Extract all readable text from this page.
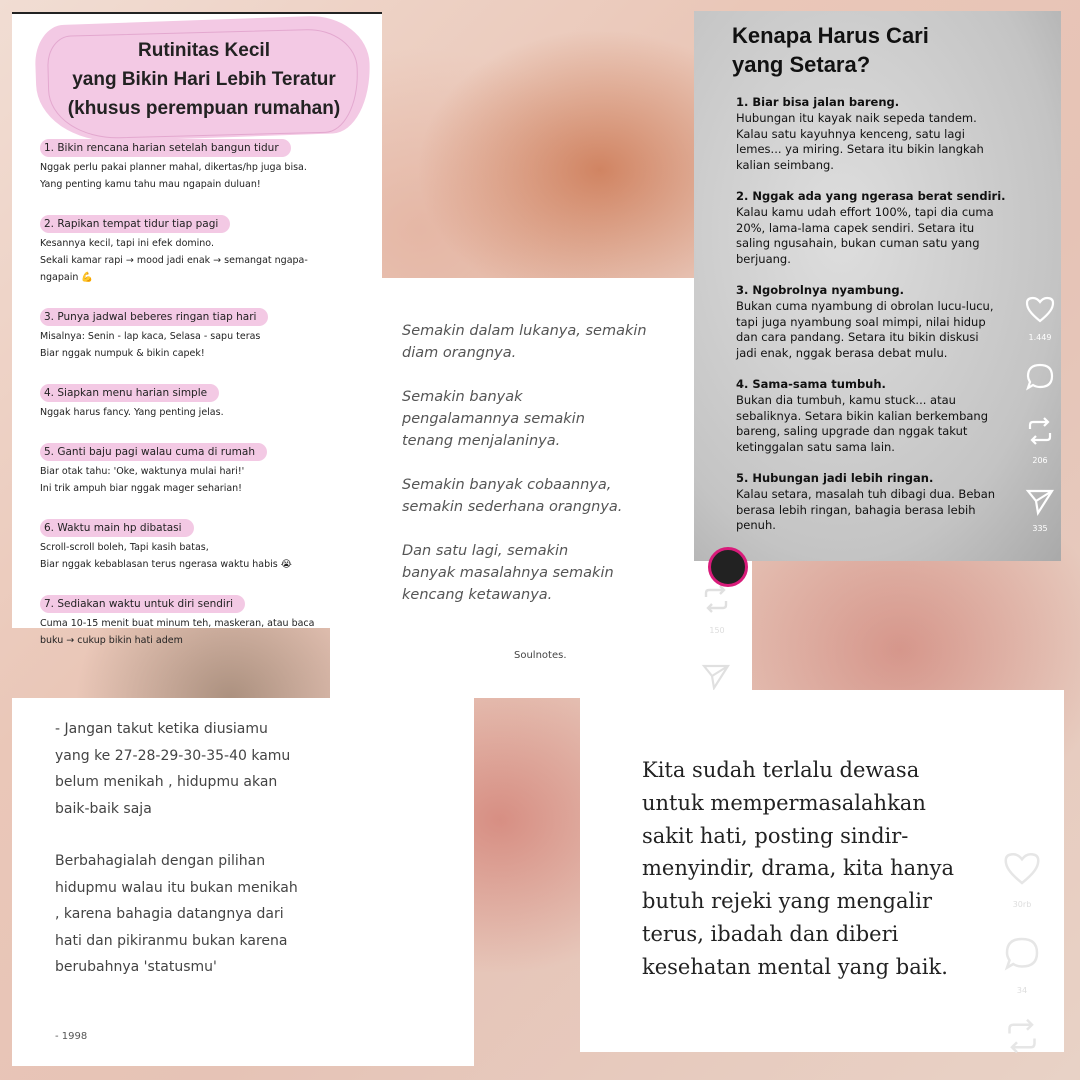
Rutinitas Kecil
yang Bikin Hari Lebih Teratur
(khusus perempuan rumahan)
1. Bikin rencana harian setelah bangun tidur

Nggak perlu pakai planner mahal, dikertas/hp juga bisa.

Yang penting kamu tahu mau ngapain duluan!

2. Rapikan tempat tidur tiap pagi

Kesannya kecil, tapi ini efek domino.

Sekali kamar rapi → mood jadi enak → semangat ngapa-

ngapain 💪

3. Punya jadwal beberes ringan tiap hari

Misalnya: Senin - lap kaca, Selasa - sapu teras

Biar nggak numpuk & bikin capek!

4. Siapkan menu harian simple

Nggak harus fancy. Yang penting jelas.

5. Ganti baju pagi walau cuma di rumah

Biar otak tahu: 'Oke, waktunya mulai hari!'

Ini trik ampuh biar nggak mager seharian!

6. Waktu main hp dibatasi

Scroll-scroll boleh, Tapi kasih batas,

Biar nggak kebablasan terus ngerasa waktu habis 😭

7. Sediakan waktu untuk diri sendiri

Cuma 10-15 menit buat minum teh, maskeran, atau baca

buku → cukup bikin hati adem

Semakin dalam lukanya, semakin
diam orangnya.

Semakin banyak
pengalamannya semakin
tenang menjalaninya.

Semakin banyak cobaannya,
semakin sederhana orangnya.

Dan satu lagi, semakin
banyak masalahnya semakin
kencang ketawanya.

Soulnotes.
150
Kenapa Harus Cari
yang Setara?
1. Biar bisa jalan bareng.
Hubungan itu kayak naik sepeda tandem.
Kalau satu kayuhnya kenceng, satu lagi
lemes... ya miring. Setara itu bikin langkah
kalian seimbang.
2. Nggak ada yang ngerasa berat sendiri.
Kalau kamu udah effort 100%, tapi dia cuma
20%, lama-lama capek sendiri. Setara itu
saling ngusahain, bukan cuman satu yang
berjuang.
3. Ngobrolnya nyambung.
Bukan cuma nyambung di obrolan lucu-lucu,
tapi juga nyambung soal mimpi, nilai hidup
dan cara pandang. Setara itu bikin diskusi
jadi enak, nggak berasa debat mulu.
4. Sama-sama tumbuh.
Bukan dia tumbuh, kamu stuck... atau
sebaliknya. Setara bikin kalian berkembang
bareng, saling upgrade dan nggak takut
ketinggalan satu sama lain.
5. Hubungan jadi lebih ringan.
Kalau setara, masalah tuh dibagi dua. Beban
berasa lebih ringan, bahagia berasa lebih
penuh.
1.449
206
335

- Jangan takut ketika diusiamu
yang ke 27-28-29-30-35-40 kamu
belum menikah , hidupmu akan
baik-baik saja

Berbahagialah dengan pilihan
hidupmu walau itu bukan menikah
, karena bahagia datangnya dari
hati dan pikiranmu bukan karena
berubahnya 'statusmu'

- 1998
Kita sudah terlalu dewasa
untuk mempermasalahkan
sakit hati, posting sindir-
menyindir, drama, kita hanya
butuh rejeki yang mengalir
terus, ibadah dan diberi
kesehatan mental yang baik.
30rb
34
